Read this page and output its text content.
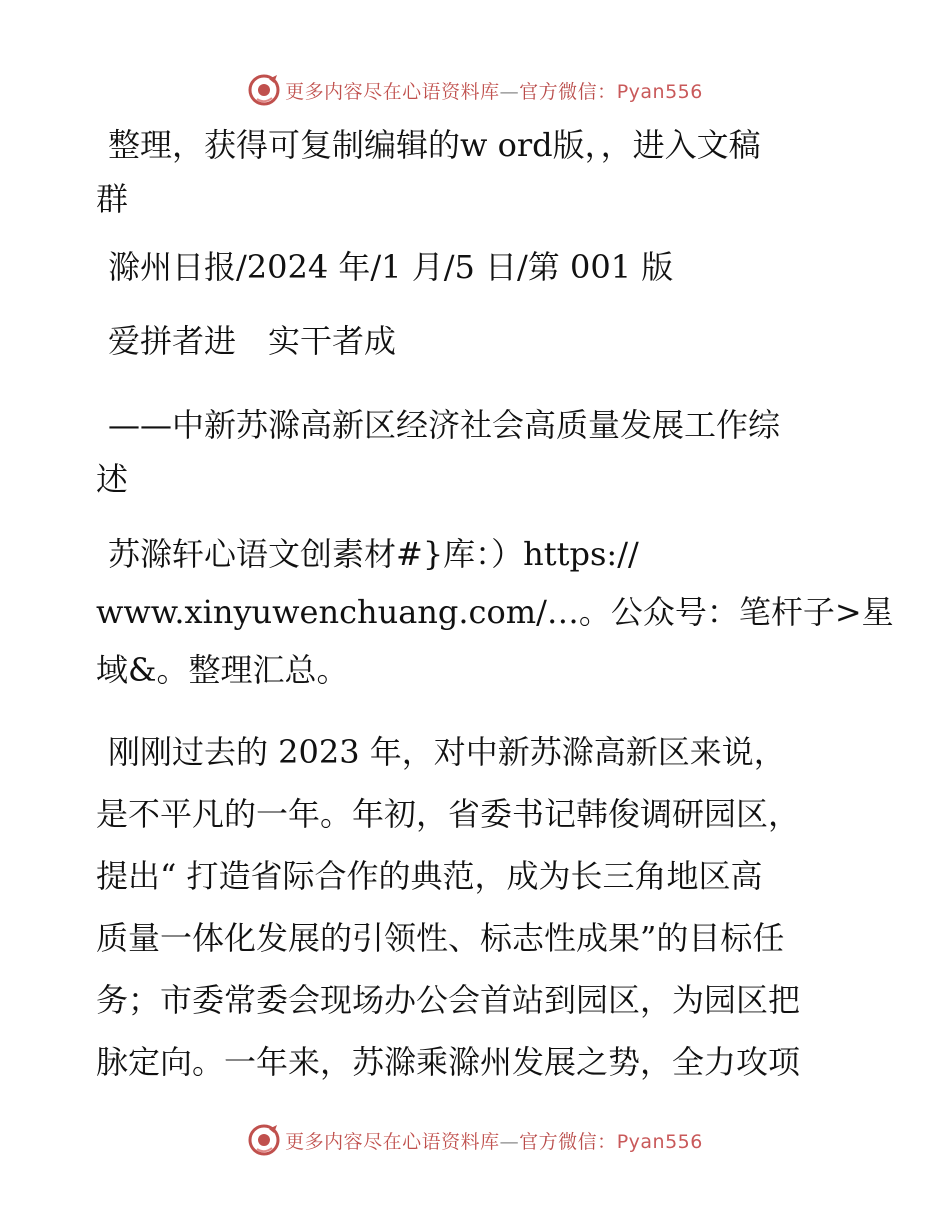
更多内容尽在心语资料库—官方微信：Pyan556

整理，获得可复制编辑的w ord版，，进入文稿

群

滁州日报/2024 年/1 月/5 日/第 001 版

爱拼者进　实干者成

——中新苏滁高新区经济社会高质量发展工作综

述

苏滁轩心语文创素材#}库：）https://

www.xinyuwenchuang.com/…。公众号：笔杆子>星

域&。整理汇总。

刚刚过去的 2023 年，对中新苏滁高新区来说，

是不平凡的一年。年初，省委书记韩俊调研园区，

提出“ 打造省际合作的典范，成为长三角地区高

质量一体化发展的引领性、标志性成果”的目标任

务；市委常委会现场办公会首站到园区，为园区把

脉定向。一年来，苏滁乘滁州发展之势，全力攻项

更多内容尽在心语资料库—官方微信：Pyan556
